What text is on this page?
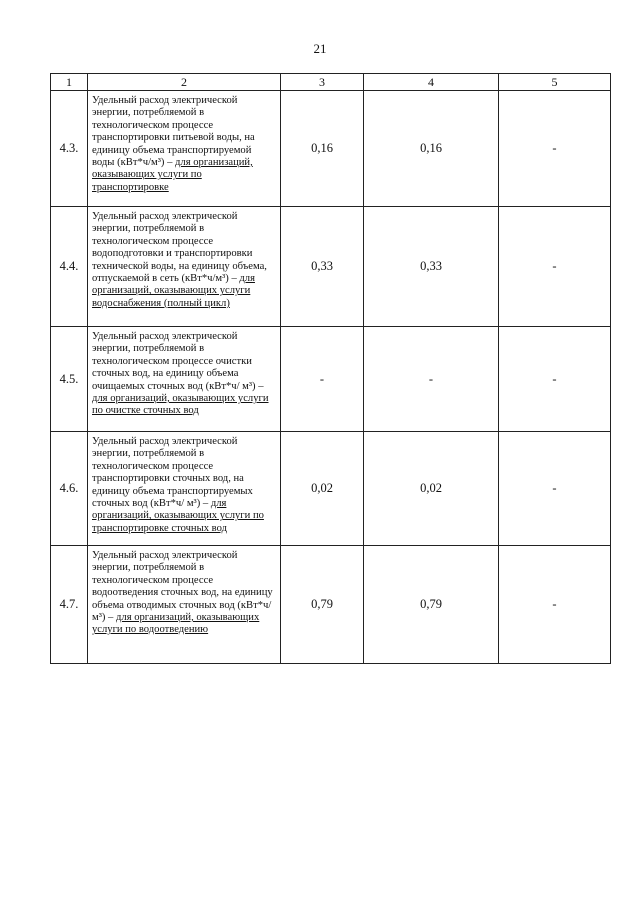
21
1	2	3	4	5
4.3.	Удельный расход электрической энергии, потребляемой в технологическом процессе транспортировки питьевой воды, на единицу объема транспортируемой воды (кВт*ч/м³) – для организаций, оказывающих услуги по транспортировке	0,16	0,16	-
4.4.	Удельный расход электрической энергии, потребляемой в технологическом процессе водоподготовки и транспортировки технической воды, на единицу объема, отпускаемой в сеть (кВт*ч/м³) – для организаций, оказывающих услуги водоснабжения (полный цикл)	0,33	0,33	-
4.5.	Удельный расход электрической энергии, потребляемой в технологическом процессе очистки сточных вод, на единицу объема очищаемых сточных вод (кВт*ч/ м³) – для организаций, оказывающих услуги по очистке сточных вод	-	-	-
4.6.	Удельный расход электрической энергии, потребляемой в технологическом процессе транспортировки сточных вод, на единицу объема транспортируемых сточных вод (кВт*ч/ м³) – для организаций, оказывающих услуги по транспортировке сточных вод	0,02	0,02	-
4.7.	Удельный расход электрической энергии, потребляемой в технологическом процессе водоотведения сточных вод, на единицу объема отводимых сточных вод (кВт*ч/ м³) – для организаций, оказывающих услуги по водоотведению	0,79	0,79	-
